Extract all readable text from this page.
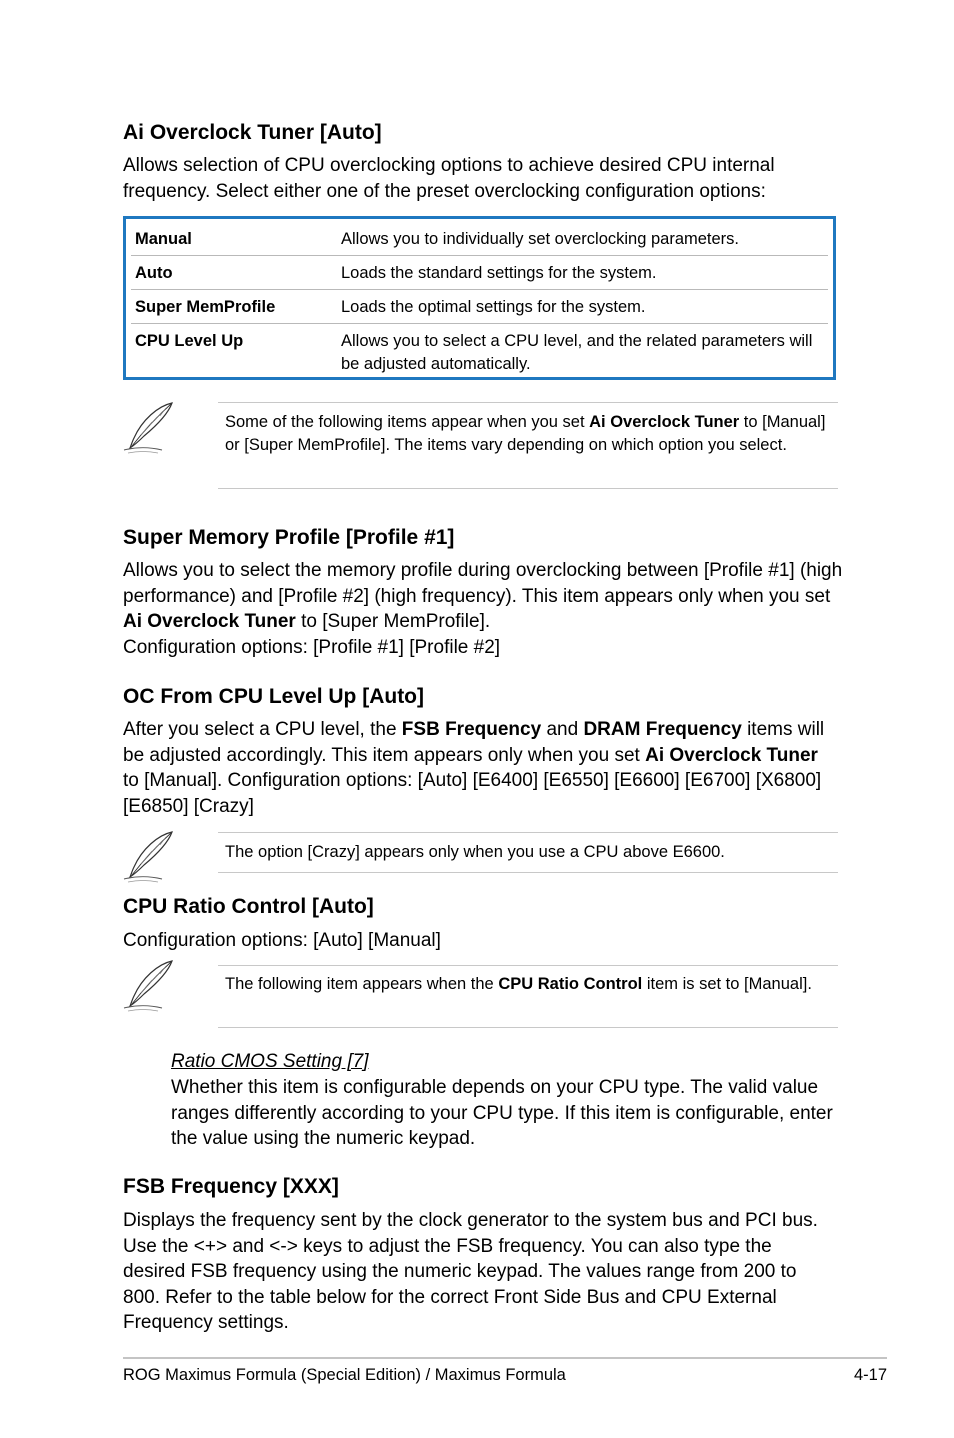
Ai Overclock Tuner [Auto]

Allows selection of CPU overclocking options to achieve desired CPU internal frequency. Select either one of the preset overclocking configuration options:

Manual	Allows you to individually set overclocking parameters.
Auto	Loads the standard settings for the system.
Super MemProfile	Loads the optimal settings for the system.
CPU Level Up	Allows you to select a CPU level, and the related parameters will be adjusted automatically.
Some of the following items appear when you set Ai Overclock Tuner to [Manual] or [Super MemProfile]. The items vary depending on which option you select.
Super Memory Profile [Profile #1]

Allows you to select the memory profile during overclocking between [Profile #1] (high performance) and [Profile #2] (high frequency). This item appears only when you set Ai Overclock Tuner to [Super MemProfile].

Configuration options: [Profile #1] [Profile #2]

OC From CPU Level Up [Auto]

After you select a CPU level, the FSB Frequency and DRAM Frequency items will be adjusted accordingly. This item appears only when you set Ai Overclock Tuner to [Manual]. Configuration options: [Auto] [E6400] [E6550] [E6600] [E6700] [X6800] [E6850] [Crazy]

The option [Crazy] appears only when you use a CPU above E6600.
CPU Ratio Control [Auto]

Configuration options: [Auto] [Manual]

The following item appears when the CPU Ratio Control item is set to [Manual].
Ratio CMOS Setting [7]

Whether this item is configurable depends on your CPU type. The valid value ranges differently according to your CPU type. If this item is configurable, enter the value using the numeric keypad.

FSB Frequency [XXX]

Displays the frequency sent by the clock generator to the system bus and PCI bus. Use the <+> and <-> keys to adjust the FSB frequency. You can also type the desired FSB frequency using the numeric keypad. The values range from 200 to 800. Refer to the table below for the correct Front Side Bus and CPU External Frequency settings.

ROG Maximus Formula (Special Edition) / Maximus Formula	4-17
